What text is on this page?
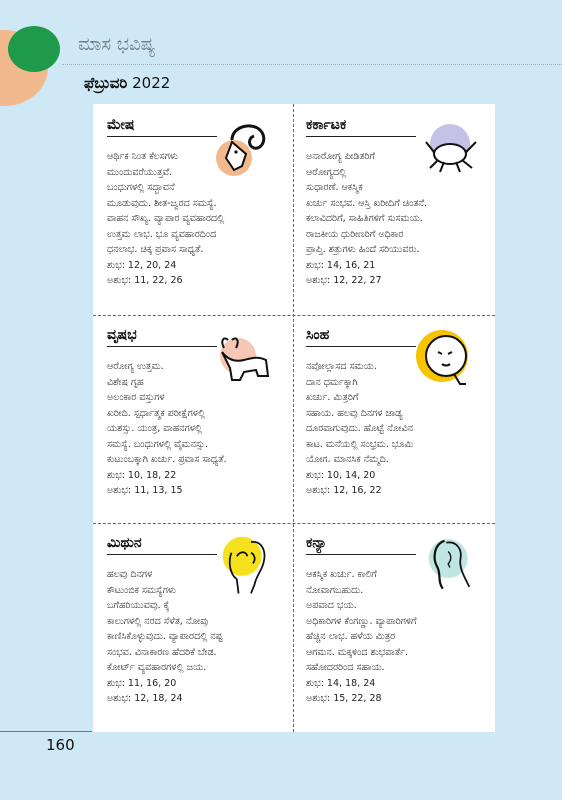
ಮಾಸ ಭವಿಷ್ಯ
ಫೆಬ್ರುವರಿ 2022
ಮೇಷ
ಆರ್ಥಿಕ ನಿಂತ ಕೆಲಸಗಳು
ಮುಂದುವರೆಯುತ್ತವೆ.
ಬಂಧುಗಳಲ್ಲಿ ಸದ್ಭಾವನೆ
ಮೂಡುವುದು. ಶೀತ-ಜ್ವರದ ಸಮಸ್ಯೆ.
ವಾಹನ ಸೌಖ್ಯ. ವ್ಯಾಪಾರ ವ್ಯವಹಾರದಲ್ಲಿ
ಉತ್ತಮ ಲಾಭ. ಭೂ ವ್ಯವಹಾರದಿಂದ
ಧನಲಾಭ. ಚಿಕ್ಕ ಪ್ರವಾಸ ಸಾಧ್ಯತೆ.
ಶುಭ: 12, 20, 24
ಅಶುಭ: 11, 22, 26
ಕರ್ಕಾಟಕ
ಅನಾರೋಗ್ಯ ಪೀಡಿತರಿಗೆ
ಆರೋಗ್ಯದಲ್ಲಿ
ಸುಧಾರಣೆ. ಆಕಸ್ಮಿಕ
ಖರ್ಚು ಸಂಭವ. ಆಸ್ತಿ ಖರೀದಿಗೆ ಚಿಂತನೆ.
ಕಲಾವಿದರಿಗೆ, ಸಾಹಿತಿಗಳಿಗೆ ಸುಸಮಯ.
ರಾಜಕೀಯ ಧುರೀಣರಿಗೆ ಅಧಿಕಾರ
ಪ್ರಾಪ್ತಿ. ಶತ್ರುಗಳು ಹಿಂದೆ ಸರಿಯುವರು.
ಶುಭ: 14, 16, 21
ಅಶುಭ: 12, 22, 27
ವೃಷಭ
ಆರೋಗ್ಯ ಉತ್ತಮ.
ವಿಶೇಷ ಗೃಹ
ಅಲಂಕಾರ ವಸ್ತುಗಳ
ಖರೀದಿ. ಸ್ಪರ್ಧಾತ್ಮಕ ಪರೀಕ್ಷೆಗಳಲ್ಲಿ
ಯಶಸ್ಸು. ಯಂತ್ರ, ವಾಹನಗಳಲ್ಲಿ
ಸಮಸ್ಯೆ. ಬಂಧುಗಳಲ್ಲಿ ವೈಮನಸ್ಸು.
ಕುಟುಂಬಕ್ಕಾಗಿ ಖರ್ಚು. ಪ್ರವಾಸ ಸಾಧ್ಯತೆ.
ಶುಭ: 10, 18, 22
ಅಶುಭ: 11, 13, 15
ಸಿಂಹ
ನವೋಲ್ಲಾಸದ ಸಮಯ.
ದಾನ ಧರ್ಮಕ್ಕಾಗಿ
ಖರ್ಚು. ಮಿತ್ರರಿಗೆ
ಸಹಾಯ. ಹಲವು ದಿನಗಳ ಜಾಡ್ಯ
ದೂರವಾಗುವುದು. ಹೊಟ್ಟೆ ನೋವಿನ
ಕಾಟ. ಮನೆಯಲ್ಲಿ ಸಂಭ್ರಮ. ಭೂಮಿ
ಯೋಗ. ಮಾನಸಿಕ ನೆಮ್ಮದಿ.
ಶುಭ: 10, 14, 20
ಅಶುಭ: 12, 16, 22
ಮಿಥುನ
ಹಲವು ದಿನಗಳ
ಕೌಟುಂಬಿಕ ಸಮಸ್ಯೆಗಳು
ಬಗೆಹರಿಯುವವು. ಕೈ
ಕಾಲುಗಳಲ್ಲಿ ನರದ ಸೆಳೆತ, ನೋವು
ಕಾಣಿಸಿಕೊಳ್ಳುವುದು. ವ್ಯಾಪಾರದಲ್ಲಿ ನಷ್ಟ
ಸಂಭವ. ವಿನಾಕಾರಣ ಹೆದರಿಕೆ ಬೇಡ.
ಕೋರ್ಟ್ ವ್ಯವಹಾರಗಳಲ್ಲಿ ಜಯ.
ಶುಭ: 11, 16, 20
ಅಶುಭ: 12, 18, 24
ಕನ್ಯಾ
ಆಕಸ್ಮಿಕ ಖರ್ಚು. ಕಾಲಿಗೆ
ನೋವಾಗಬಹುದು.
ಅಪವಾದ ಭಯ.
ಅಧಿಕಾರಿಗಳ ಕೆಂಗಣ್ಣು. ವ್ಯಾಪಾರಿಗಳಿಗೆ
ಹೆಚ್ಚಿನ ಲಾಭ. ಹಳೆಯ ಮಿತ್ರರ
ಆಗಮನ. ಮಕ್ಕಳಿಂದ ಶುಭವಾರ್ತೆ.
ಸಹೋದರರಿಂದ ಸಹಾಯ.
ಶುಭ: 14, 18, 24
ಅಶುಭ: 15, 22, 28
160
